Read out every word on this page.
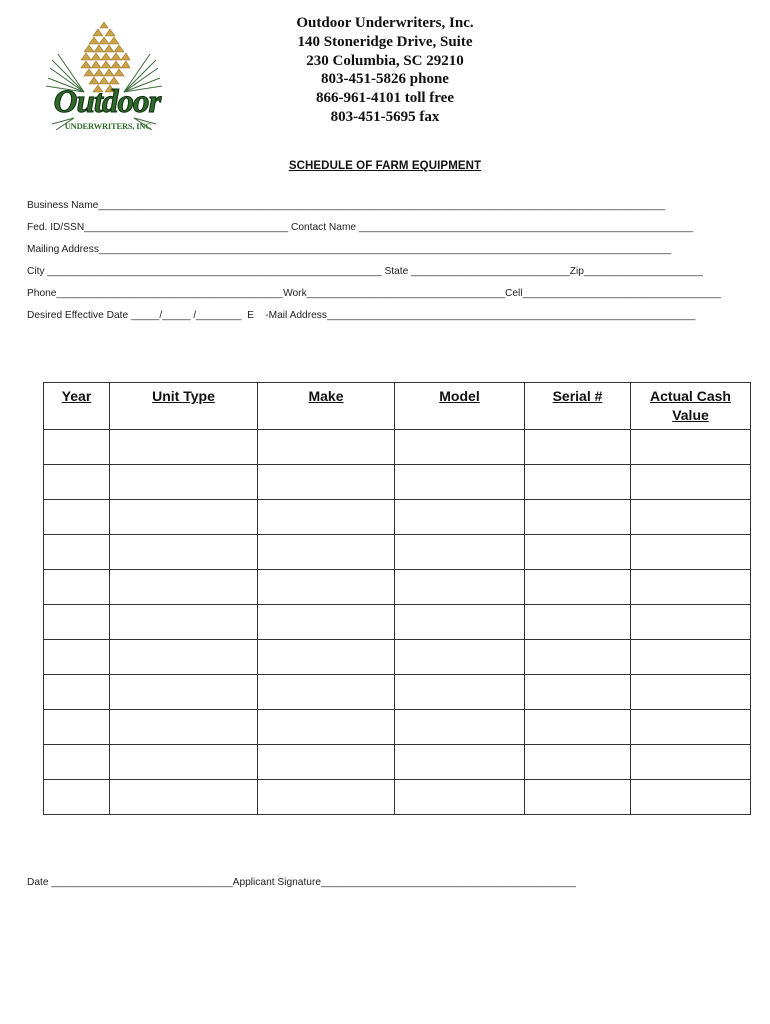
Outdoor
UNDERWRITERS, INC
Outdoor Underwriters, Inc.
140 Stoneridge Drive, Suite
230 Columbia, SC 29210
803-451-5826 phone
866-961-4101 toll free
803-451-5695 fax
SCHEDULE OF FARM EQUIPMENT
Business Name____________________________________________________________________________________________________
Fed. ID/SSN____________________________________ Contact Name ___________________________________________________________
Mailing Address_____________________________________________________________________________________________________
City ___________________________________________________________ State ____________________________Zip_____________________
Phone________________________________________Work___________________________________Cell___________________________________
Desired Effective Date _____/_____ /________  E    -Mail Address_________________________________________________________________
Year	Unit Type	Make	Model	Serial #	Actual Cash Value

Date ________________________________Applicant Signature_____________________________________________
